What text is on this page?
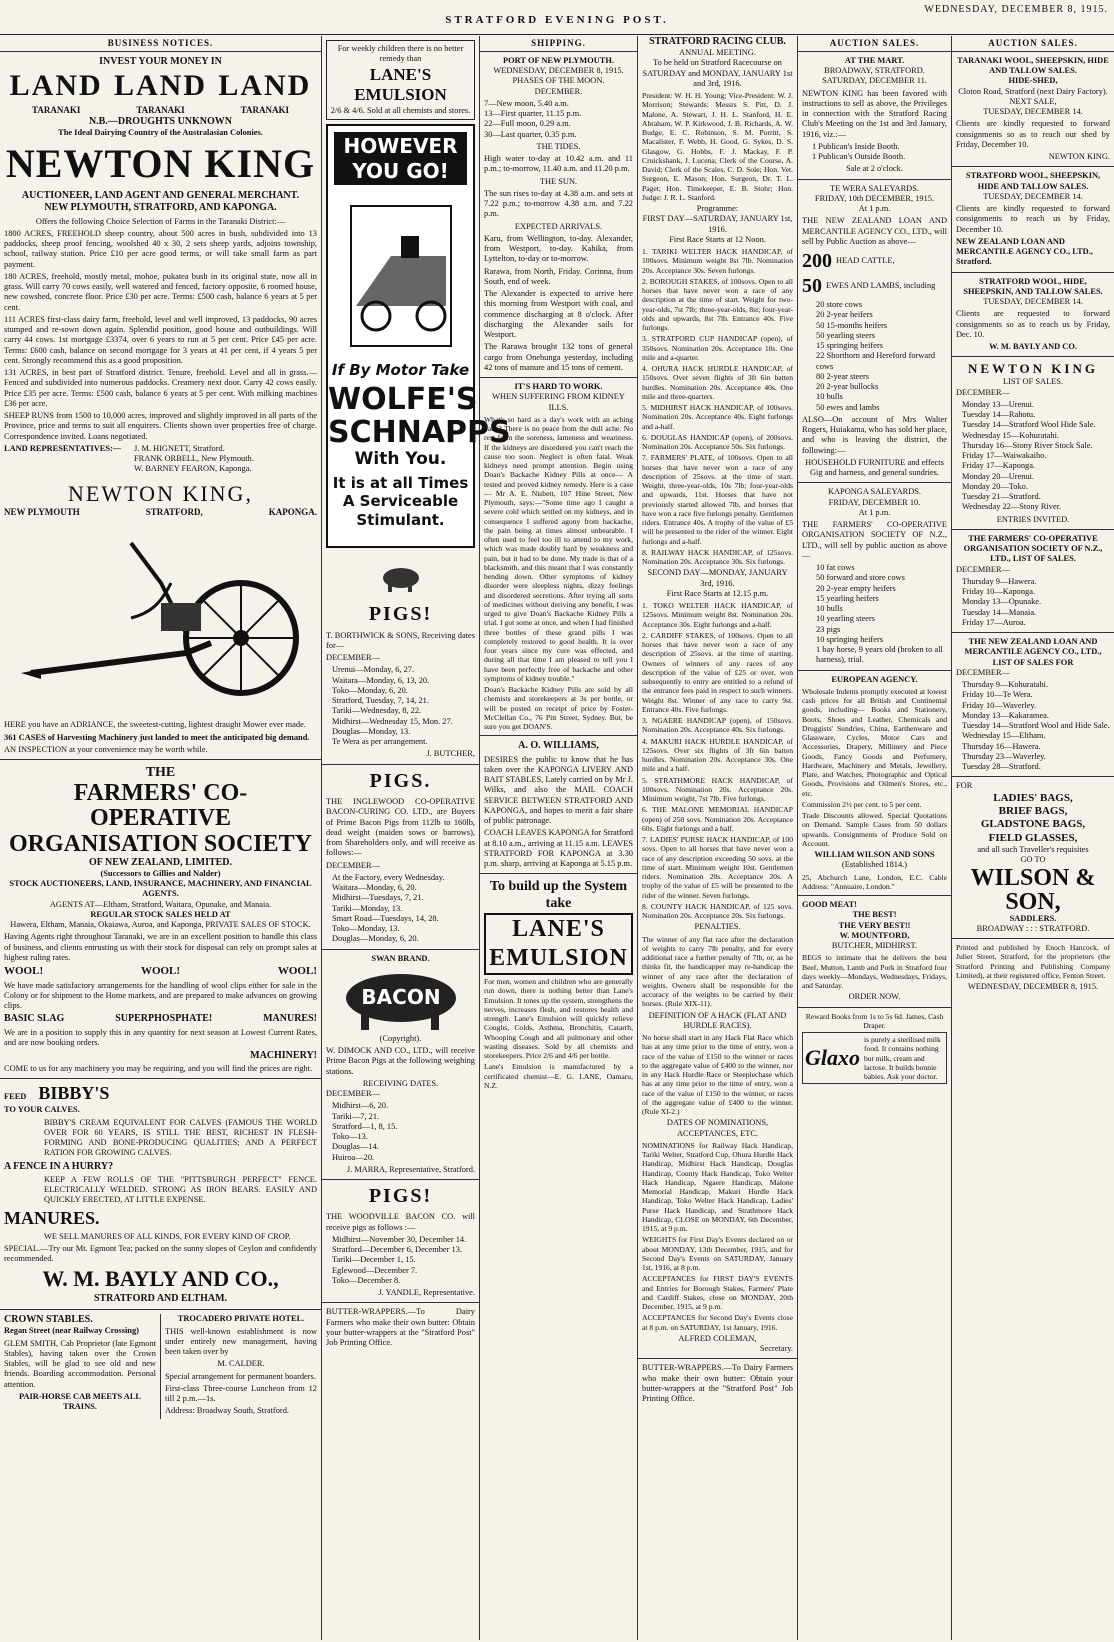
STRATFORD EVENING POST.
WEDNESDAY, DECEMBER 8, 1915.
BUSINESS NOTICES.
INVEST YOUR MONEY IN
LAND LAND LAND
TARANAKI	TARANAKI	TARANAKI
N.B.—DROUGHTS UNKNOWN
The Ideal Dairying Country of the Australasian Colonies.
NEWTON KING
AUCTIONEER, LAND AGENT AND GENERAL MERCHANT.
NEW PLYMOUTH, STRATFORD, AND KAPONGA.

Offers the following Choice Selection of Farms in the Taranaki District:—

1800 ACRES, FREEHOLD sheep country, about 500 acres in bush, subdivided into 13 paddocks, sheep proof fencing, woolshed 40 x 30, 2 sets sheep yards, adjoins township, school, railway station. Price £10 per acre good terms, or will take small farm as part payment.

180 ACRES, freehold, mostly metal, mohoe, pukatea bush in its original state, now all in grass. Will carry 70 cows easily, well watered and fenced, factory opposite, 6 roomed house, new cowshed, concrete floor. Price £30 per acre. Terms: £500 cash, balance 6 years at 5 per cent.

111 ACRES first-class dairy farm, freehold, level and well improved, 13 paddocks, 90 acres stumped and re-sown down again. Splendid position, good house and outbuildings. Will carry 44 cows. 1st mortgage £3374, over 6 years to run at 5 per cent. Price £45 per acre. Terms: £600 cash, balance on second mortgage for 3 years at 41 per cent, if 4 years 5 per cent. Strongly recommend this as a good proposition.

131 ACRES, in best part of Stratford district. Tenure, freehold. Level and all in grass.—Fenced and subdivided into numerous paddocks. Creamery next door. Carry 42 cows easily. Price £35 per acre. Terms: £500 cash, balance 6 years at 5 per cent. With milking machines £36 per acre.

SHEEP RUNS from 1500 to 10,000 acres, improved and slightly improved in all parts of the Province, price and terms to suit all enquirers. Clients shown over properties free of charge. Correspondence invited. Loans negotiated.

LAND REPRESENTATIVES:—	J. M. HIGNETT, Stratford.
FRANK ORBELL, New Plymouth.
W. BARNEY FEARON, Kaponga.
NEWTON KING,
NEW PLYMOUTH	STRATFORD,	KAPONGA.

HERE you have an ADRIANCE, the sweetest-cutting, lightest draught Mower ever made.

361 CASES of Harvesting Machinery just landed to meet the anticipated big demand.

AN INSPECTION at your convenience may be worth while.

THE
FARMERS' CO-OPERATIVE ORGANISATION SOCIETY
OF NEW ZEALAND, LIMITED.
(Successors to Gillies and Nalder)
STOCK AUCTIONEERS, LAND, INSURANCE, MACHINERY, AND FINANCIAL AGENTS.
AGENTS AT—Eltham, Stratford, Waitara, Opunake, and Manaia.
REGULAR STOCK SALES HELD AT
Hawera, Eltham, Manaia, Okaiawa, Auroa, and Kaponga, PRIVATE SALES OF STOCK.

Having Agents right throughout Taranaki, we are in an excellent position to handle this class of business, and clients entrusting us with their stock for disposal can rely on prompt sales at highest ruling rates.

WOOL!	WOOL!	WOOL!

We have made satisfactory arrangements for the handling of wool clips either for sale in the Colony or for shipment to the Home markets, and are prepared to make advances on growing clips.

BASIC SLAG	SUPERPHOSPHATE!	MANURES!

We are in a position to supply this in any quantity for next season at Lowest Current Rates, and are now booking orders.

MACHINERY!

COME to us for any machinery you may be requiring, and you will find the prices are right.

FEED BIBBY'S
TO YOUR CALVES.

BIBBY'S CREAM EQUIVALENT FOR CALVES (FAMOUS THE WORLD OVER FOR 60 YEARS, IS STILL THE BEST, RICHEST IN FLESH-FORMING AND BONE-PRODUCING QUALITIES; AND A PERFECT RATION FOR GROWING CALVES.

A FENCE IN A HURRY?

KEEP A FEW ROLLS OF THE "PITTSBURGH PERFECT" FENCE. ELECTRICALLY WELDED. STRONG AS IRON BEARS. EASILY AND QUICKLY ERECTED, AT LITTLE EXPENSE.

MANURES.

WE SELL MANURES OF ALL KINDS, FOR EVERY KIND OF CROP.

SPECIAL.—Try our Mt. Egmont Tea; packed on the sunny slopes of Ceylon and confidently recommended.

W. M. BAYLY AND CO.,
STRATFORD AND ELTHAM.
CROWN STABLES.
Regan Street (near Railway Crossing)

GLEM SMITH, Cab Proprietor (late Egmont Stables), having taken over the Crown Stables, will be glad to see old and new friends. Boarding accommodation. Personal attention.

PAIR-HORSE CAB MEETS ALL TRAINS.
TROCADERO PRIVATE HOTEL.

THIS well-known establishment is now under entirely new management, having been taken over by

M. CALDER.

Special arrangement for permanent boarders.

First-class Three-course Luncheon from 12 till 2 p.m.—1s.

Address: Broadway South, Stratford.

For weekly children there is no better remedy than
LANE'S EMULSION
2/6 & 4/6. Sold at all chemists and stores.
HOWEVER YOU GO!
If By Motor Take
WOLFE'S SCHNAPPS
With You.
It is at all Times A Serviceable Stimulant.
PIGS!

T. BORTHWICK & SONS, Receiving dates for—

DECEMBER—
Urenui—Monday, 6, 27.
Waitara—Monday, 6, 13, 20.
Toko—Monday, 6, 20.
Stratford, Tuesday, 7, 14, 21.
Tariki—Wednesday, 8, 22.
Midhirst—Wednesday 15, Mon. 27.
Douglas—Monday, 13.
Te Wera as per arrangement.
J. BUTCHER,
PIGS.

THE INGLEWOOD CO-OPERATIVE BACON-CURING CO. LTD., are Buyers of Prime Bacon Pigs from 112lb to 160lb, dead weight (maiden sows or barrows), from Shareholders only, and will receive as follows:—

DECEMBER—
At the Factory, every Wednesday.
Waitara—Monday, 6, 20.
Midhirst—Tuesdays, 7, 21.
Tariki—Monday, 13.
Smart Road—Tuesdays, 14, 28.
Toko—Monday, 13.
Douglas—Monday, 6, 20.
SWAN BRAND.
BACON
(Copyright).

W. DIMOCK AND CO., LTD., will receive Prime Bacon Pigs at the following weighing stations.

RECEIVING DATES.
DECEMBER—
Midhirst—6, 20.
Tariki—7, 21.
Stratford—1, 8, 15.
Toko—13.
Douglas—14.
Huiroa—20.
J. MARRA, Representative, Stratford.
PIGS!

THE WOODVILLE BACON CO. will receive pigs as follows :—

Midhirst—November 30, December 14.
Stratford—December 6, December 13.
Tariki—December 1, 15.
Eglewood—December 7.
Toko—December 8.
J. YANDLE, Representative.

BUTTER-WRAPPERS.—To Dairy Farmers who make their own butter: Obtain your butter-wrappers at the "Stratford Post" Job Printing Office.

SHIPPING.
PORT OF NEW PLYMOUTH.
WEDNESDAY, DECEMBER 8, 1915.
PHASES OF THE MOON.
DECEMBER.
7—New moon, 5.40 a.m.
13—First quarter, 11.15 p.m.
22—Full moon, 0.29 a.m.
30—Last quarter, 0.35 p.m.
THE TIDES.

High water to-day at 10.42 a.m. and 11 p.m.; to-morrow, 11.40 a.m. and 11.20 p.m.

THE SUN.

The sun rises to-day at 4.38 a.m. and sets at 7.22 p.m.; to-morrow 4.38 a.m. and 7.22 p.m.

EXPECTED ARRIVALS.

Karu, from Wellington, to-day. Alexander, from Westport, to-day. Kahika, from Lyttelton, to-day or to-morrow.

Rarawa, from North, Friday. Corinna, from South, end of week.

The Alexander is expected to arrive here this morning from Westport with coal, and commence discharging at 8 o'clock. After discharging the Alexander sails for Westport.

The Rarawa brought 132 tons of general cargo from Onehunga yesterday, including 42 tons of manure and 15 tons of cement.

IT'S HARD TO WORK.
WHEN SUFFERING FROM KIDNEY ILLS.

What's so hard as a day's work with an aching back? There is no peace from the dull ache. No rest from the soreness, lameness and weariness. If the kidneys are disordered you can't reach the cause too soon. Neglect is often fatal. Weak kidneys need prompt attention. Begin using Doan's Backache Kidney Pills at once— A tested and proved kidney remedy. Here is a case— Mr A. E. Nisbett, 107 Hine Street, New Plymouth, says:—"Some time ago I caught a severe cold which settled on my kidneys, and in consequence I suffered agony from backache, the pain being at times almost unbearable. I often used to feel too ill to attend to my work, which was made doubly hard by weakness and pain, but it had to be done. My trade is that of a blacksmith, and this meant that I was constantly bending down. Other symptoms of kidney disorder were sleepless nights, dizzy feelings and disordered secretions. After trying all sorts of medicines without deriving any benefit, I was urged to give Doan's Backache Kidney Pills a trial. I got some at once, and when I had finished three bottles of these grand pills I was completely restored to good health. It is over four years since my cure was effected, and during all that time I am pleased to tell you I have been perfectly free of backache and other symptoms of kidney trouble."

Doan's Backache Kidney Pills are sold by all chemists and storekeepers at 3s per bottle, or will be posted on receipt of price by Foster-McClellan Co., 76 Pitt Street, Sydney. But, be sure you get DOAN'S.

A. O. WILLIAMS,

DESIRES the public to know that he has taken over the KAPONGA LIVERY AND BAIT STABLES, Lately carried on by Mr J. Wilks, and also the MAIL COACH SERVICE BETWEEN STRATFORD AND KAPONGA, and hopes to merit a fair share of public patronage.

COACH LEAVES KAPONGA for Stratford at 8.10 a.m., arriving at 11.15 a.m. LEAVES STRATFORD FOR KAPONGA at 3.30 p.m. sharp, arriving at Kaponga at 5.15 p.m.

To build up the System take
LANE'S EMULSION

For men, women and children who are generally run down, there is nothing better than Lane's Emulsion. It tones up the system, strengthens the nerves, increases flesh, and restores health and strength. Lane's Emulsion will quickly relieve Coughs, Colds, Asthma, Bronchitis, Catarrh, Whooping Cough and all pulmonary and other wasting diseases. Sold by all chemists and storekeepers. Price 2/6 and 4/6 per bottle.

Lane's Emulsion is manufactured by a certificated chemist—E. G. LANE, Oamaru, N.Z.

STRATFORD RACING CLUB.
ANNUAL MEETING.
To be held on Stratford Racecourse on
SATURDAY and MONDAY, JANUARY 1st and 3rd, 1916.

President: W. H. H. Young; Vice-President: W. J. Morrison; Stewards: Messrs S. Pitt, D. J. Malone, A. Stewart, J. H. L. Stanford, H. E. Abraham, W. P. Kirkwood, J. B. Richards, A. W. Budge, E. C. Robinson, S. M. Porritt, S. Macalister, F. Webb, H. Good, G. Sykes, D. S. Glasgow, G. Hobbs, F. J. Mackay, F. P. Cruickshank, J. Lucena; Clerk of the Course, A. David; Clerk of the Scales, C. D. Sole; Hon. Vet. Surgeon, E. Mason; Hon. Surgeon, Dr. T. L. Paget; Hon. Timekeeper, E. B. Stohr; Hon. Judge: J. R. L. Stanford.

Programme:
FIRST DAY—SATURDAY, JANUARY 1st, 1916.
First Race Starts at 12 Noon.

1. TARIKI WELTER HACK HANDICAP, of 100sovs. Minimum weight 8st 7lb. Nomination 20s. Acceptance 30s. Seven furlongs.

2. BOROUGH STAKES, of 100sovs. Open to all horses that have never won a race of any description at the time of start. Weight for two-year-olds, 7st 7lb; three-year-olds, 8st; four-year-olds and upwards, 8st 7lb. Entrance 40s. Five furlongs.

3. STRATFORD CUP HANDICAP (open), of 350sovs. Nomination 20s. Acceptance 10s. One mile and a-quarter.

4. OHURA HACK HURDLE HANDICAP, of 150sovs. Over seven flights of 3ft 6in batten hurdles. Nomination 20s. Acceptance 40s. One mile and three-quarters.

5. MIDHIRST HACK HANDICAP, of 100sovs. Nomination 20s. Acceptance 40s. Eight furlongs and a-half.

6. DOUGLAS HANDICAP (open), of 200sovs. Nomination 20s. Acceptance 50s. Six furlongs.

7. FARMERS' PLATE, of 100sovs. Open to all horses that have never won a race of any description of 25sovs. at the time of start. Weight, three-year-olds, 10s 7lb; four-year-olds and upwards, 11st. Horses that have not previously started allowed 7lb, and horses that have won a race five furlongs penalty. Gentlemen riders. Entrance 40s. A trophy of the value of £5 will be presented to the rider of the winner. Eight furlongs and a-half.

8. RAILWAY HACK HANDICAP, of 125sovs. Nomination 20s. Acceptance 30s. Six furlongs.

SECOND DAY—MONDAY, JANUARY 3rd, 1916.
First Race Starts at 12.15 p.m.

1. TOKO WELTER HACK HANDICAP, of 125sovs. Minimum weight 8st. Nomination 20s. Acceptance 30s. Eight furlongs and a-half.

2. CARDIFF STAKES, of 100sovs. Open to all horses that have never won a race of any description of 25sovs. at the time of starting. Owners of winners of any races of any description of the value of £25 or over, won subsequently to entry are entitled to a refund of the entrance fees paid in respect to such winners. Weight 8st. Winner of any race to carry 9st. Entrance 40s. Five furlongs.

3. NGAERE HANDICAP (open), of 150sovs. Nomination 20s. Acceptance 40s. Six furlongs.

4. MAKURI HACK HURDLE HANDICAP, of 125sovs. Over six flights of 3ft 6in batten hurdles. Nomination 20s. Acceptance 30s. One mile and a half.

5. STRATHMORE HACK HANDICAP, of 100sovs. Nomination 20s. Acceptance 20s. Minimum weight, 7st 7lb. Five furlongs.

6. THE MALONE MEMORIAL HANDICAP (open) of 250 sovs. Nomination 20s. Acceptance 60s. Eight furlongs and a half.

7. LADIES' PURSE HACK HANDICAP, of 100 sovs. Open to all horses that have never won a race of any description exceeding 50 sovs. at the time of start. Minimum weight 10st. Gentlemen riders. Nomination 20s. Acceptance 20s. A trophy of the value of £5 will be presented to the rider of the winner. Seven furlongs.

8. COUNTY HACK HANDICAP, of 125 sovs. Nomination 20s. Acceptance 20s. Six furlongs.

PENALTIES.

The winner of any flat race after the declaration of weights to carry 7lb penalty, and for every additional race a further penalty of 7lb, or, as he thinks fit, the handicapper may re-handicap the winner of any race after the declaration of weights. Owners shall be responsible for the accuracy of the weights to be carried by their horses. (Rule XIX-11).

DEFINITION OF A HACK (FLAT AND HURDLE RACES).

No horse shall start in any Hack Flat Race which has at any time prior to the time of entry, won a race of the value of £150 to the winner or races to the aggregate value of £400 to the winner, nor in any Hack Hurdle Race or Steeplechase which has at any time prior to the time of entry, won a race of the value of £150 to the winner, or races of the aggregate value of £400 to the winner. (Rule XI-2.)

DATES OF NOMINATIONS, ACCEPTANCES, ETC.

NOMINATIONS for Railway Hack Handicap, Tariki Welter, Stratford Cup, Ohura Hurdle Hack Handicap, Midhirst Hack Handicap, Douglas Handicap, County Hack Handicap, Toko Welter Hack Handicap, Ngaere Handicap, Malone Memorial Handicap, Makuri Hurdle Hack Handicap, Toko Welter Hack Handicap, Ladies' Purse Hack Handicap, and Strathmore Hack Handicap, CLOSE on MONDAY, 6th December, 1915, at 9 p.m.

WEIGHTS for First Day's Events declared on or about MONDAY, 13th December, 1915, and for Second Day's Events on SATURDAY, January 1st, 1916, at 8 p.m.

ACCEPTANCES for FIRST DAY'S EVENTS and Entries for Borough Stakes, Farmers' Plate and Cardiff Stakes, close on MONDAY, 20th December, 1915, at 9 p.m.

ACCEPTANCES for Second Day's Events close at 8 p.m. on SATURDAY, 1st January, 1916.

ALFRED COLEMAN,
Secretary.

BUTTER-WRAPPERS.—To Dairy Farmers who make their own butter: Obtain your butter-wrappers at the "Stratford Post" Job Printing Office.

AUCTION SALES.
AT THE MART.
BROADWAY, STRATFORD.
SATURDAY, DECEMBER 11.

NEWTON KING has been favored with instructions to sell as above, the Privileges in connection with the Stratford Racing Club's Meeting on the 1st and 3rd January, 1916, viz.:—

1 Publican's Inside Booth.
1 Publican's Outside Booth.
Sale at 2 o'clock.
TE WERA SALEYARDS.
FRIDAY, 10th DECEMBER, 1915.
At 1 p.m.

THE NEW ZEALAND LOAN AND MERCANTILE AGENCY CO., LTD., will sell by Public Auction as above—

200 HEAD CATTLE,
50 EWES AND LAMBS, including
20 store cows
20 2-year heifers
50 15-months heifers
50 yearling steers
15 springing heifers
22 Shorthorn and Hereford forward cows
80 2-year steers
20 2-year bullocks
10 bulls
50 ewes and lambs

ALSO—On account of Mrs Walter Rogers, Huiakama, who has sold her place, and who is leaving the district, the following:—

HOUSEHOLD FURNITURE and effects
Gig and harness, and general sundries.
KAPONGA SALEYARDS.
FRIDAY, DECEMBER 10.
At 1 p.m.

THE FARMERS' CO-OPERATIVE ORGANISATION SOCIETY OF N.Z., LTD., will sell by public auction as above—

10 fat cows
50 forward and store cows
20 2-year empty heifers
15 yearling heifers
10 bulls
10 yearling steers
23 pigs
10 springing heifers
1 bay horse, 9 years old (broken to all harness), trial.
EUROPEAN AGENCY.

Wholesale Indents promptly executed at lowest cash prices for all British and Continental goods, including— Books and Stationery, Boots, Shoes and Leather, Chemicals and Druggists' Sundries, China, Earthenware and Glassware, Cycles, Motor Cars and Accessories, Drapery, Millinery and Piece Goods, Fancy Goods and Perfumery, Hardware, Machinery and Metals, Jewellery, Plate, and Watches, Photographic and Optical Goods, Provisions and Oilmen's Stores, etc., etc.

Commission 2½ per cent. to 5 per cent.

Trade Discounts allowed. Special Quotations on Demand. Sample Cases from 50 dollars upwards. Consignments of Produce Sold on Account.

WILLIAM WILSON AND SONS
(Established 1814.)

25, Abchurch Lane, London, E.C. Cable Address: "Annuaire, London."

GOOD MEAT!
THE BEST!
THE VERY BEST!!
W. MOUNTFORD,
BUTCHER, MIDHIRST.

BEGS to intimate that he delivers the best Beef, Mutton, Lamb and Pork in Stratford four days weekly—Mondays, Wednesdays, Fridays, and Saturday.

ORDER NOW.

Reward Books from 1s to 5s 6d. James, Cash Draper.

Glaxo
is purely a sterilised milk food. It contains nothing but milk, cream and lactose. It builds bonnie babies. Ask your doctor.
AUCTION SALES.
TARANAKI WOOL, SHEEPSKIN, HIDE AND TALLOW SALES.
HIDE-SHED,
Cloton Road, Stratford (next Dairy Factory).
NEXT SALE,
TUESDAY, DECEMBER 14.

Clients are kindly requested to forward consignments so as to reach our shed by Friday, December 10.

NEWTON KING.
STRATFORD WOOL, SHEEPSKIN, HIDE AND TALLOW SALES.
TUESDAY, DECEMBER 14.

Clients are kindly requested to forward consignments to reach us by Friday, December 10.

NEW ZEALAND LOAN AND MERCANTILE AGENCY CO., LTD., Stratford.
STRATFORD WOOL, HIDE, SHEEPSKIN, AND TALLOW SALES.
TUESDAY, DECEMBER 14.

Clients are requested to forward consignments so as to reach us by Friday, Dec. 10.

W. M. BAYLY AND CO.
NEWTON KING
LIST OF SALES.
DECEMBER—
Monday 13—Urenui.
Tuesday 14—Rahotu.
Tuesday 14—Stratford Wool Hide Sale.
Wednesday 15—Kohuratahi.
Thursday 16—Stony River Stock Sale.
Friday 17—Waiwakaiho.
Friday 17—Kaponga.
Monday 20—Urenui.
Monday 20—Toko.
Tuesday 21—Stratford.
Wednesday 22—Stony River.
ENTRIES INVITED.
THE FARMERS' CO-OPERATIVE ORGANISATION SOCIETY OF N.Z., LTD., LIST OF SALES.
DECEMBER—
Thursday 9—Hawera.
Friday 10—Kaponga.
Monday 13—Opunake.
Tuesday 14—Manaia.
Friday 17—Auroa.
THE NEW ZEALAND LOAN AND MERCANTILE AGENCY CO., LTD., LIST OF SALES FOR
DECEMBER—
Thursday 9—Kohuratahi.
Friday 10—Te Wera.
Friday 10—Waverley.
Monday 13—Kakaramea.
Tuesday 14—Stratford Wool and Hide Sale.
Wednesday 15—Eltham.
Thursday 16—Hawera.
Thursday 23—Waverley.
Tuesday 28—Stratford.
FOR
LADIES' BAGS,
BRIEF BAGS,
GLADSTONE BAGS,
FIELD GLASSES,
and all such Traveller's requisites
GO TO
WILSON & SON,
SADDLERS.
BROADWAY : : : STRATFORD.

Printed and published by Enoch Hancock, of Juliet Street, Stratford, for the proprietors (the Stratford Printing and Publishing Company Limited), at their registered office, Fenton Street.

WEDNESDAY, DECEMBER 8, 1915.
